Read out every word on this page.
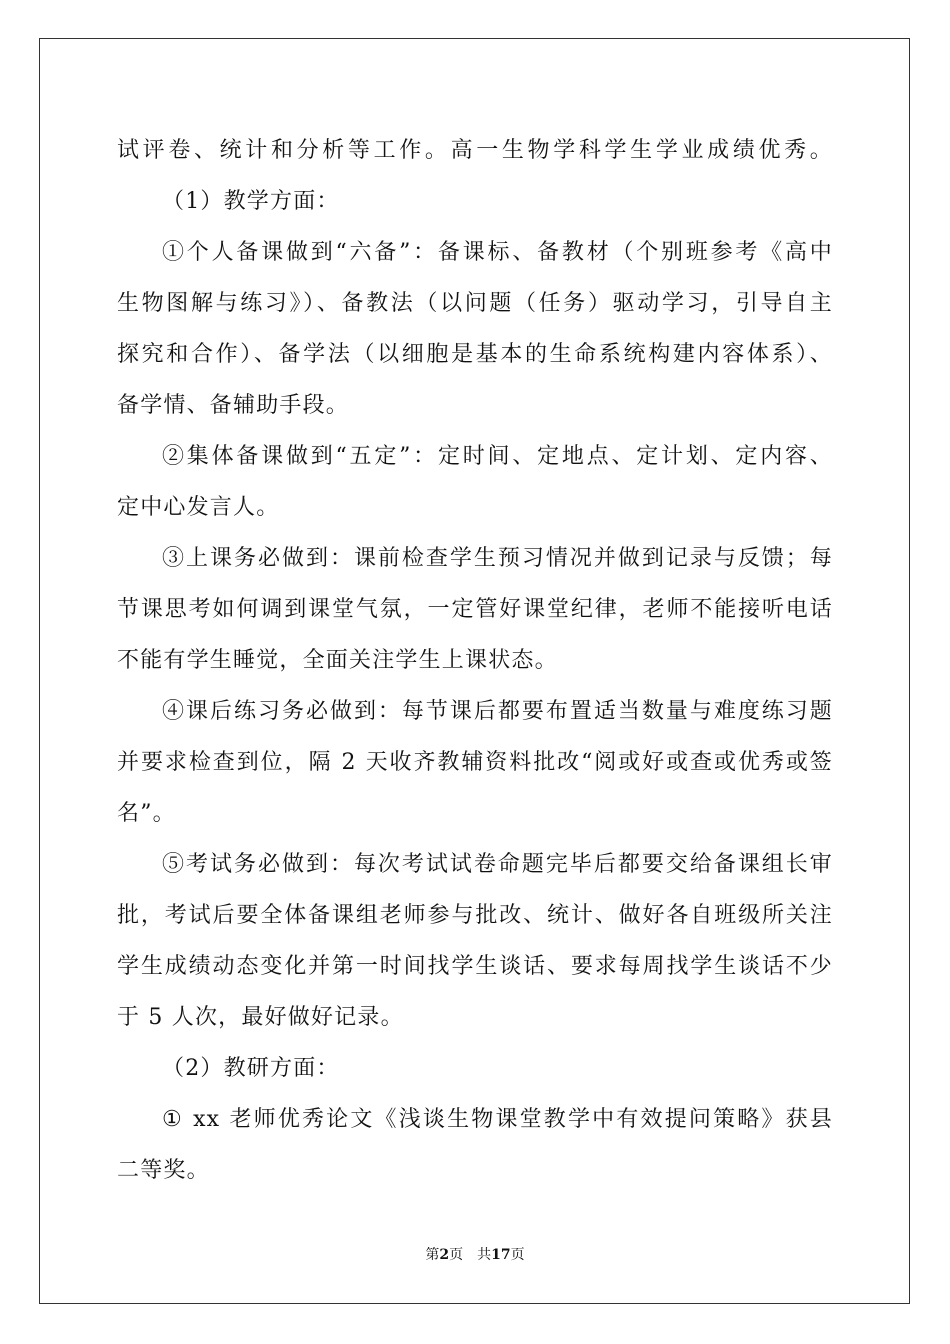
试评卷、统计和分析等工作。高一生物学科学生学业成绩优秀。
（1）教学方面：
①个人备课做到“六备”：备课标、备教材（个别班参考《高中
生物图解与练习》）、备教法（以问题（任务）驱动学习，引导自主
探究和合作）、备学法（以细胞是基本的生命系统构建内容体系）、
备学情、备辅助手段。
②集体备课做到“五定”：定时间、定地点、定计划、定内容、
定中心发言人。
③上课务必做到：课前检查学生预习情况并做到记录与反馈；每
节课思考如何调到课堂气氛，一定管好课堂纪律，老师不能接听电话
不能有学生睡觉，全面关注学生上课状态。
④课后练习务必做到：每节课后都要布置适当数量与难度练习题
并要求检查到位，隔 2 天收齐教辅资料批改“阅或好或查或优秀或签
名”。
⑤考试务必做到：每次考试试卷命题完毕后都要交给备课组长审
批，考试后要全体备课组老师参与批改、统计、做好各自班级所关注
学生成绩动态变化并第一时间找学生谈话、要求每周找学生谈话不少
于 5 人次，最好做好记录。
（2）教研方面：
① xx 老师优秀论文《浅谈生物课堂教学中有效提问策略》获县
二等奖。
第2页 共17页
